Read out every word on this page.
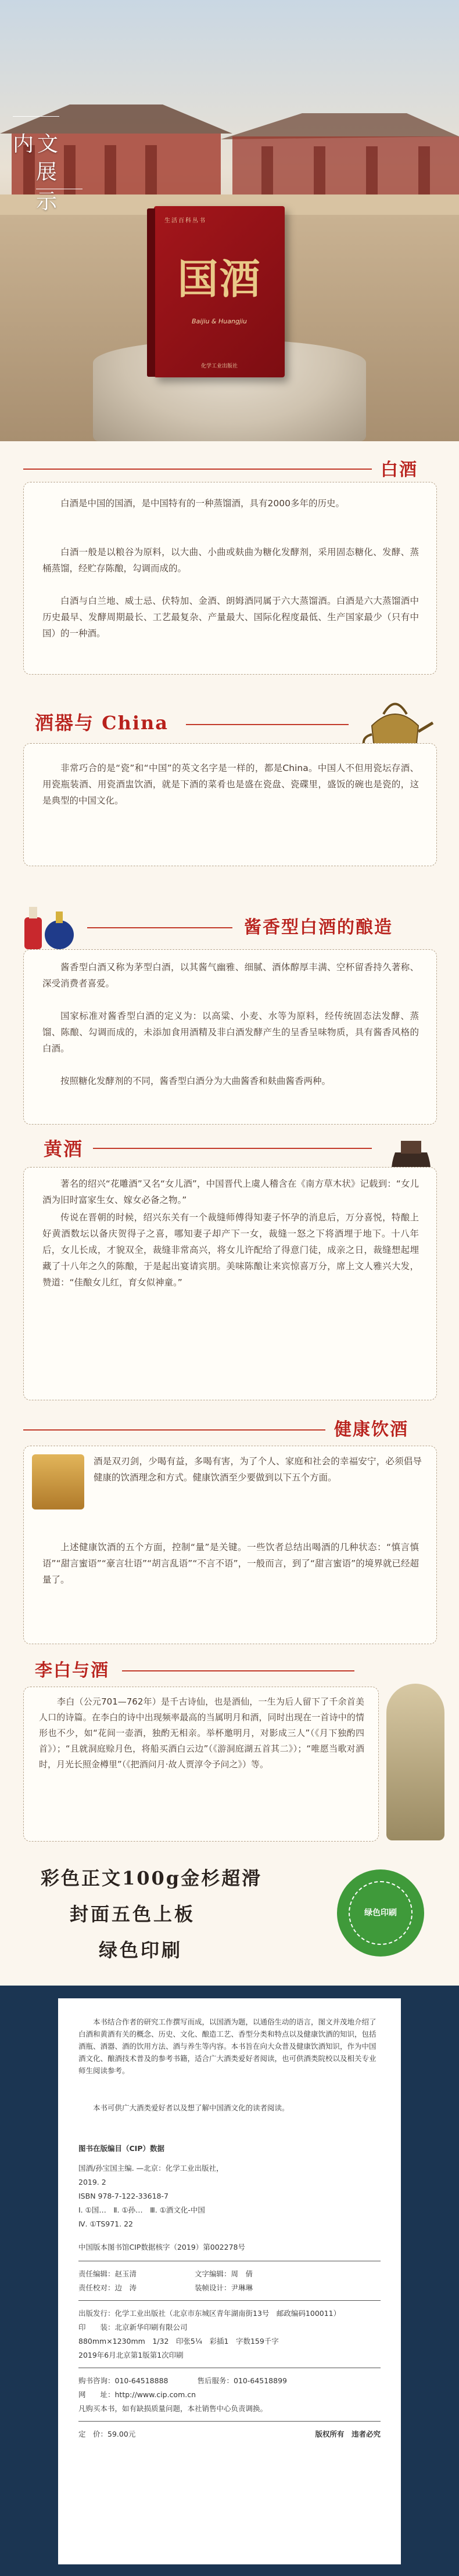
内文
展示
生活百科丛书
国酒
Baijiu & Huangjiu
化学工业出版社
白酒
白酒是中国的国酒，是中国特有的一种蒸馏酒，具有2000多年的历史。
白酒一般是以粮谷为原料，以大曲、小曲或麸曲为糖化发酵剂，采用固态糖化、发酵、蒸桶蒸馏，经贮存陈酿，勾调而成的。
白酒与白兰地、威士忌、伏特加、金酒、朗姆酒同属于六大蒸馏酒。白酒是六大蒸馏酒中历史最早、发酵周期最长、工艺最复杂、产量最大、国际化程度最低、生产国家最少（只有中国）的一种酒。
酒器与 China
非常巧合的是“瓷”和“中国”的英文名字是一样的，都是China。中国人不但用瓷坛存酒、用瓷瓶装酒、用瓷酒盅饮酒，就是下酒的菜肴也是盛在瓷盘、瓷碟里，盛饭的碗也是瓷的，这是典型的中国文化。
酱香型白酒的酿造
酱香型白酒又称为茅型白酒，以其酱气幽雅、细腻、酒体醇厚丰满、空杯留香持久著称、深受消费者喜爱。
国家标准对酱香型白酒的定义为：以高粱、小麦、水等为原料，经传统固态法发酵、蒸馏、陈酿、勾调而成的，未添加食用酒精及非白酒发酵产生的呈香呈味物质，具有酱香风格的白酒。
按照糖化发酵剂的不同，酱香型白酒分为大曲酱香和麸曲酱香两种。
黄酒
著名的绍兴“花雕酒”又名“女儿酒”，中国晋代上虞人稽含在《南方草木状》记载到：“女儿酒为旧时富家生女、嫁女必备之物。”
传说在晋朝的时候，绍兴东关有一个裁缝师傅得知妻子怀孕的消息后，万分喜悦，特酿上好黄酒数坛以备庆贺得子之喜，哪知妻子却产下一女，裁缝一怒之下将酒埋于地下。十八年后，女儿长成，才貌双全，裁缝非常高兴，将女儿许配给了得意门徒，成亲之日，裁缝想起埋藏了十八年之久的陈酿，于是起出宴请宾朋。美味陈酿让来宾惊喜万分，席上文人雅兴大发，赞道：“佳酿女儿红，育女似神童。”
健康饮酒
酒是双刃剑，少喝有益，多喝有害，为了个人、家庭和社会的幸福安宁，必须倡导健康的饮酒理念和方式。健康饮酒至少要做到以下五个方面。
上述健康饮酒的五个方面，控制“量”是关键。一些饮者总结出喝酒的几种状态：“慎言慎语”“甜言蜜语”“豪言壮语”“胡言乱语”“不言不语”，一般而言，到了“甜言蜜语”的境界就已经超量了。
李白与酒
李白（公元701—762年）是千古诗仙，也是酒仙，一生为后人留下了千余首美人口的诗篇。在李白的诗中出现频率最高的当属明月和酒，同时出现在一首诗中的情形也不少，如“花间一壶酒，独酌无相亲。举杯邀明月，对影成三人”（《月下独酌四首》）；“且就洞庭赊月色，将船买酒白云边”（《游洞庭湖五首其二》）；“唯愿当歌对酒时，月光长照金樽里”（《把酒问月·故人贾淳令予问之》）等。
彩色正文100g金杉超滑
封面五色上板
绿色印刷
绿色印刷
本书结合作者的研究工作撰写而成，以国酒为题，以通俗生动的语言，图文并茂地介绍了白酒和黄酒有关的概念、历史、文化、酿造工艺、香型分类和特点以及健康饮酒的知识，包括酒瓶、酒器、酒的饮用方法、酒与养生等内容。本书旨在向大众普及健康饮酒知识，作为中国酒文化、酿酒技术普及的参考书籍，适合广大酒类爱好者阅读，也可供酒类院校以及相关专业师生阅读参考。
本书可供广大酒类爱好者以及想了解中国酒文化的读者阅读。
图书在版编目（CIP）数据
国酒/孙宝国主编. —北京：化学工业出版社，
2019. 2
ISBN 978-7-122-33618-7
Ⅰ. ①国…　Ⅱ. ①孙…　Ⅲ. ①酒文化-中国
Ⅳ. ①TS971. 22
中国版本图书馆CIP数据核字（2019）第002278号
责任编辑：赵玉清　　　　　　　　文字编辑：周　倩
责任校对：边　涛　　　　　　　　装帧设计：尹琳琳
出版发行：化学工业出版社（北京市东城区青年湖南街13号　邮政编码100011）
印　　装：北京新华印刷有限公司
880mm×1230mm　1/32　印张5¼　彩插1　字数159千字
2019年6月北京第1版第1次印刷
购书咨询：010-64518888　　　　售后服务：010-64518899
网　　址：http://www.cip.com.cn
凡购买本书，如有缺损质量问题，本社销售中心负责调换。
定　价：59.00元	版权所有　违者必究
